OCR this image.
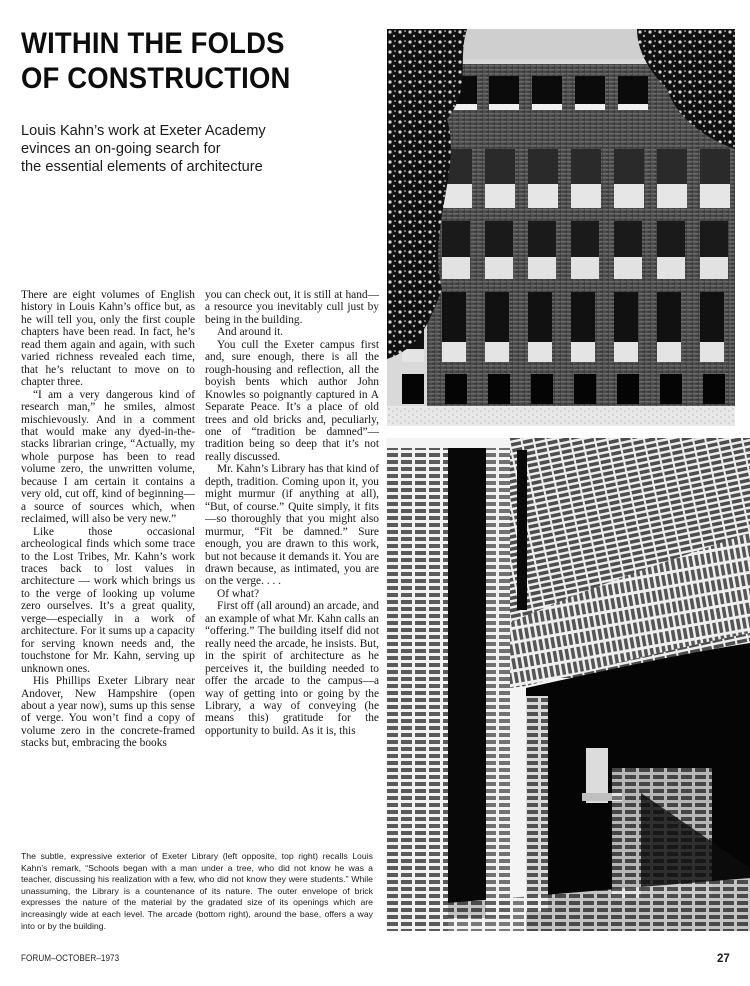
WITHIN THE FOLDS
OF CONSTRUCTION

Louis Kahn’s work at Exeter Academy
evinces an on-going search for
the essential elements of architecture

There are eight volumes of English history in Louis Kahn’s office but, as he will tell you, only the first couple chapters have been read. In fact, he’s read them again and again, with such varied richness revealed each time, that he’s reluctant to move on to chapter three.

“I am a very dangerous kind of research man,” he smiles, almost mischievously. And in a comment that would make any dyed-in-the-stacks librarian cringe, “Actually, my whole purpose has been to read volume zero, the unwritten volume, because I am certain it contains a very old, cut off, kind of beginning—a source of sources which, when reclaimed, will also be very new.”

Like those occasional archeological finds which some trace to the Lost Tribes, Mr. Kahn’s work traces back to lost values in architecture — work which brings us to the verge of looking up volume zero ourselves. It’s a great quality, verge—especially in a work of architecture. For it sums up a capacity for serving known needs and, the touchstone for Mr. Kahn, serving up unknown ones.

His Phillips Exeter Library near Andover, New Hampshire (open about a year now), sums up this sense of verge. You won’t find a copy of volume zero in the concrete-framed stacks but, embracing the books

you can check out, it is still at hand—a resource you inevitably cull just by being in the building.

And around it.

You cull the Exeter campus first and, sure enough, there is all the rough-housing and reflection, all the boyish bents which author John Knowles so poignantly captured in A Separate Peace. It’s a place of old trees and old bricks and, peculiarly, one of “tradition be damned”—tradition being so deep that it’s not really discussed.

Mr. Kahn’s Library has that kind of depth, tradition. Coming upon it, you might murmur (if anything at all), “But, of course.” Quite simply, it fits—so thoroughly that you might also murmur, “Fit be damned.” Sure enough, you are drawn to this work, but not because it demands it. You are drawn because, as intimated, you are on the verge. . . .

Of what?

First off (all around) an arcade, and an example of what Mr. Kahn calls an “offering.” The building itself did not really need the arcade, he insists. But, in the spirit of architecture as he perceives it, the building needed to offer the arcade to the campus—a way of getting into or going by the Library, a way of conveying (he means this) gratitude for the opportunity to build. As it is, this

The subtle, expressive exterior of Exeter Library (left opposite, top right) recalls Louis Kahn’s remark, “Schools began with a man under a tree, who did not know he was a teacher, discussing his realization with a few, who did not know they were students.” While unassuming, the Library is a countenance of its nature. The outer envelope of brick expresses the nature of the material by the gradated size of its openings which are increasingly wide at each level. The arcade (bottom right), around the base, offers a way into or by the building.

FORUM–OCTOBER–1973	27
